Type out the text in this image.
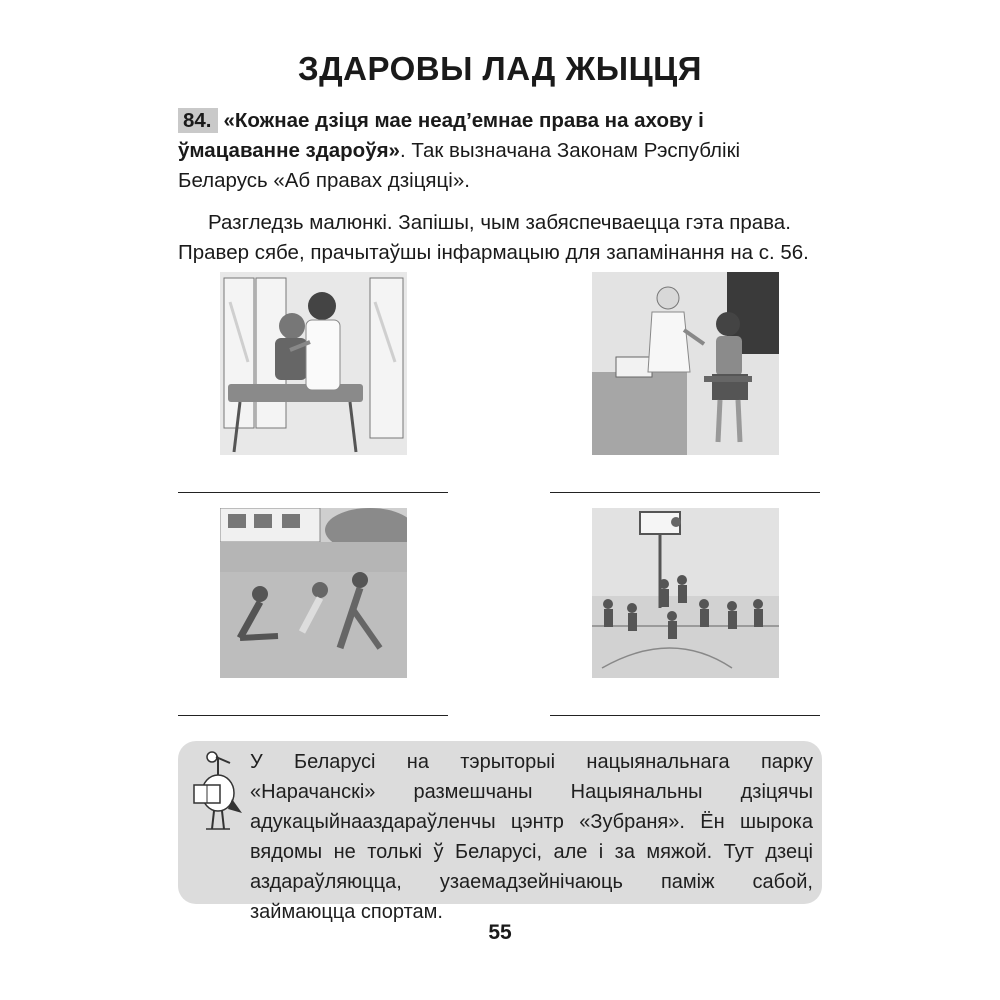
ЗДАРОВЫ ЛАД ЖЫЦЦЯ
84. «Кожнае дзіця мае неад’емнае права на ахову і ўмацаванне здароўя». Так вызначана Законам Рэспублікі Беларусь «Аб правах дзіцяці».
Разгледзь малюнкі. Запішы, чым забяспечваецца гэта права. Правер сябе, прачытаўшы інфармацыю для запамінання на с. 56.
У Беларусі на тэрыторыі нацыянальнага парку «Нарачанскі» размешчаны Нацыянальны дзіцячы адукацыйнааздараўленчы цэнтр «Зубраня». Ён шырока вядомы не толькі ў Беларусі, але і за мяжой. Тут дзеці аздараўляюцца, узаемадзейнічаюць паміж сабой, займаюцца спортам.
55
